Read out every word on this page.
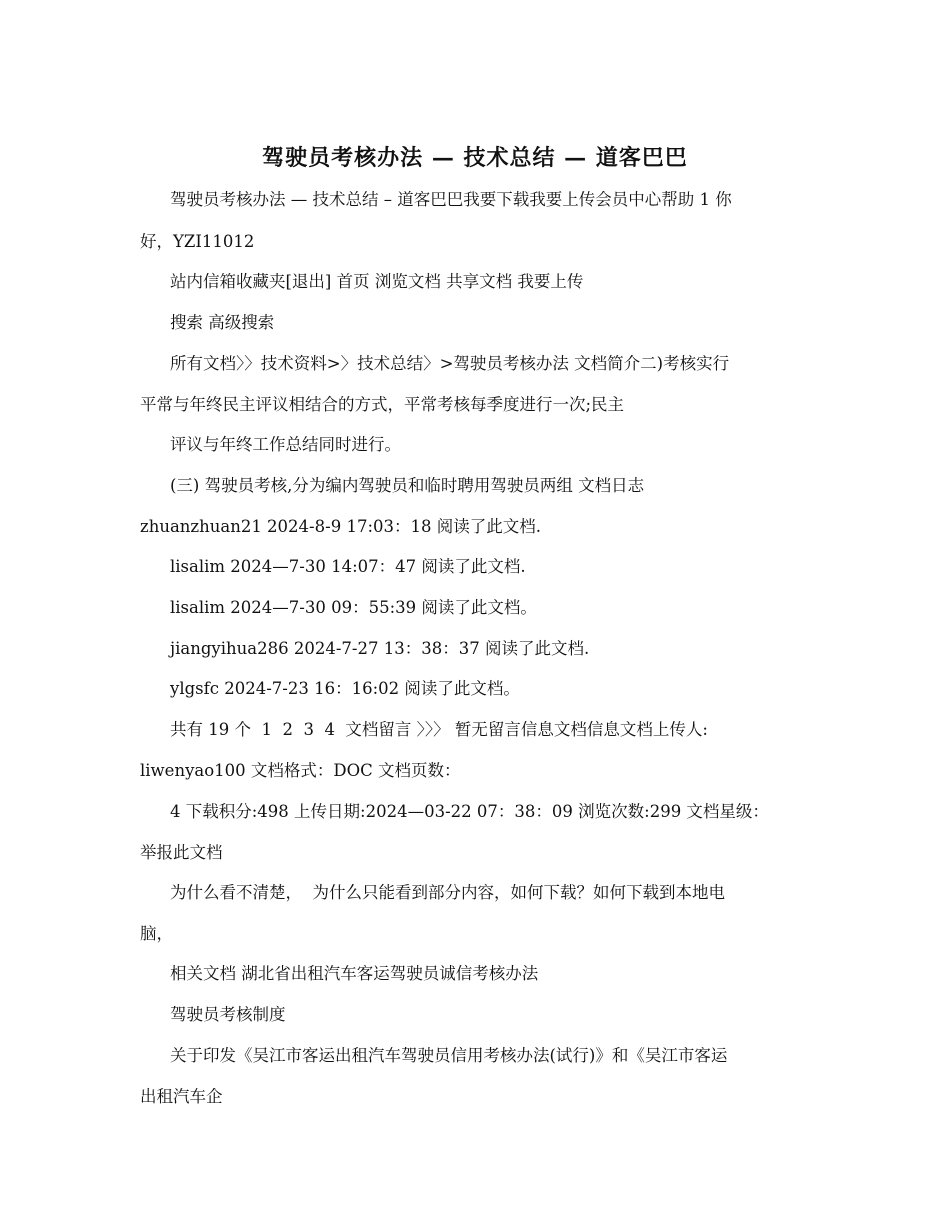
驾驶员考核办法 — 技术总结 — 道客巴巴
驾驶员考核办法 — 技术总结 – 道客巴巴我要下载我要上传会员中心帮助 1 你
好，YZI11012
站内信箱收藏夹[退出] 首页 浏览文档 共享文档 我要上传
搜索 高级搜索
所有文档〉〉技术资料>〉技术总结〉>驾驶员考核办法 文档简介二)考核实行
平常与年终民主评议相结合的方式，平常考核每季度进行一次;民主
评议与年终工作总结同时进行。
(三) 驾驶员考核,分为编内驾驶员和临时聘用驾驶员两组 文档日志
zhuanzhuan21 2024-8-9 17:03：18 阅读了此文档.
lisalim 2024—7-30 14:07：47 阅读了此文档.
lisalim 2024—7-30 09：55:39 阅读了此文档。
jiangyihua286 2024-7-27 13：38：37 阅读了此文档.
ylgsfc 2024-7-23 16：16:02 阅读了此文档。
共有 19 个  1  2  3  4  文档留言 〉〉〉 暂无留言信息文档信息文档上传人:
liwenyao100 文档格式：DOC 文档页数：
4 下载积分:498 上传日期:2024—03-22 07：38：09 浏览次数:299 文档星级：
举报此文档
为什么看不清楚，  为什么只能看到部分内容，如何下载？如何下载到本地电
脑，
相关文档 湖北省出租汽车客运驾驶员诚信考核办法
驾驶员考核制度
关于印发《吴江市客运出租汽车驾驶员信用考核办法(试行)》和《吴江市客运
出租汽车企
